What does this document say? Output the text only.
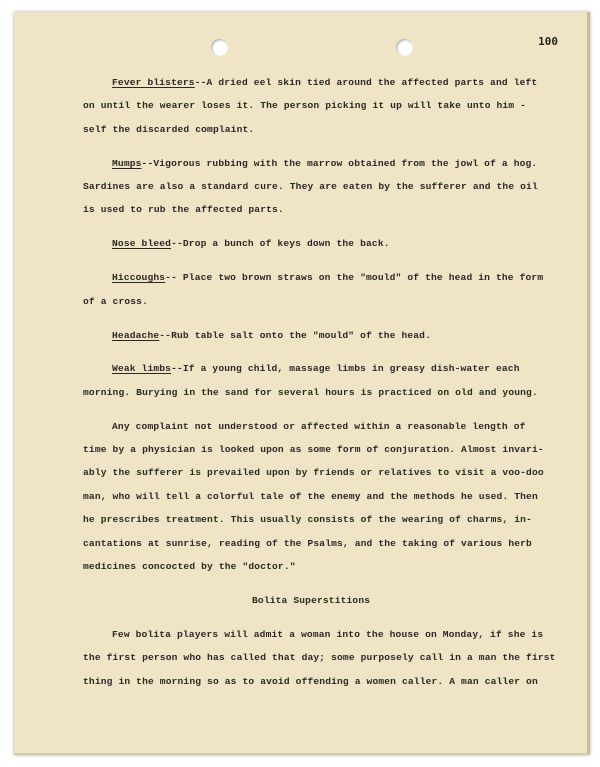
100
Fever blisters--A dried eel skin tied around the affected parts and left
on until the wearer loses it. The person picking it up will take unto him -
self the discarded complaint.
Mumps--Vigorous rubbing with the marrow obtained from the jowl of a hog.
Sardines are also a standard cure. They are eaten by the sufferer and the oil
is used to rub the affected parts.
Nose bleed--Drop a bunch of keys down the back.
Hiccoughs-- Place two brown straws on the "mould" of the head in the form
of a cross.
Headache--Rub table salt onto the "mould" of the head.
Weak limbs--If a young child, massage limbs in greasy dish-water each
morning. Burying in the sand for several hours is practiced on old and young.
Any complaint not understood or affected within a reasonable length of
time by a physician is looked upon as some form of conjuration. Almost invari-
ably the sufferer is prevailed upon by friends or relatives to visit a voo-doo
man, who will tell a colorful tale of the enemy and the methods he used. Then
he prescribes treatment. This usually consists of the wearing of charms, in-
cantations at sunrise, reading of the Psalms, and the taking of various herb
medicines concocted by the "doctor."
Bolita Superstitions
Few bolita players will admit a woman into the house on Monday, if she is
the first person who has called that day; some purposely call in a man the first
thing in the morning so as to avoid offending a women caller. A man caller on
